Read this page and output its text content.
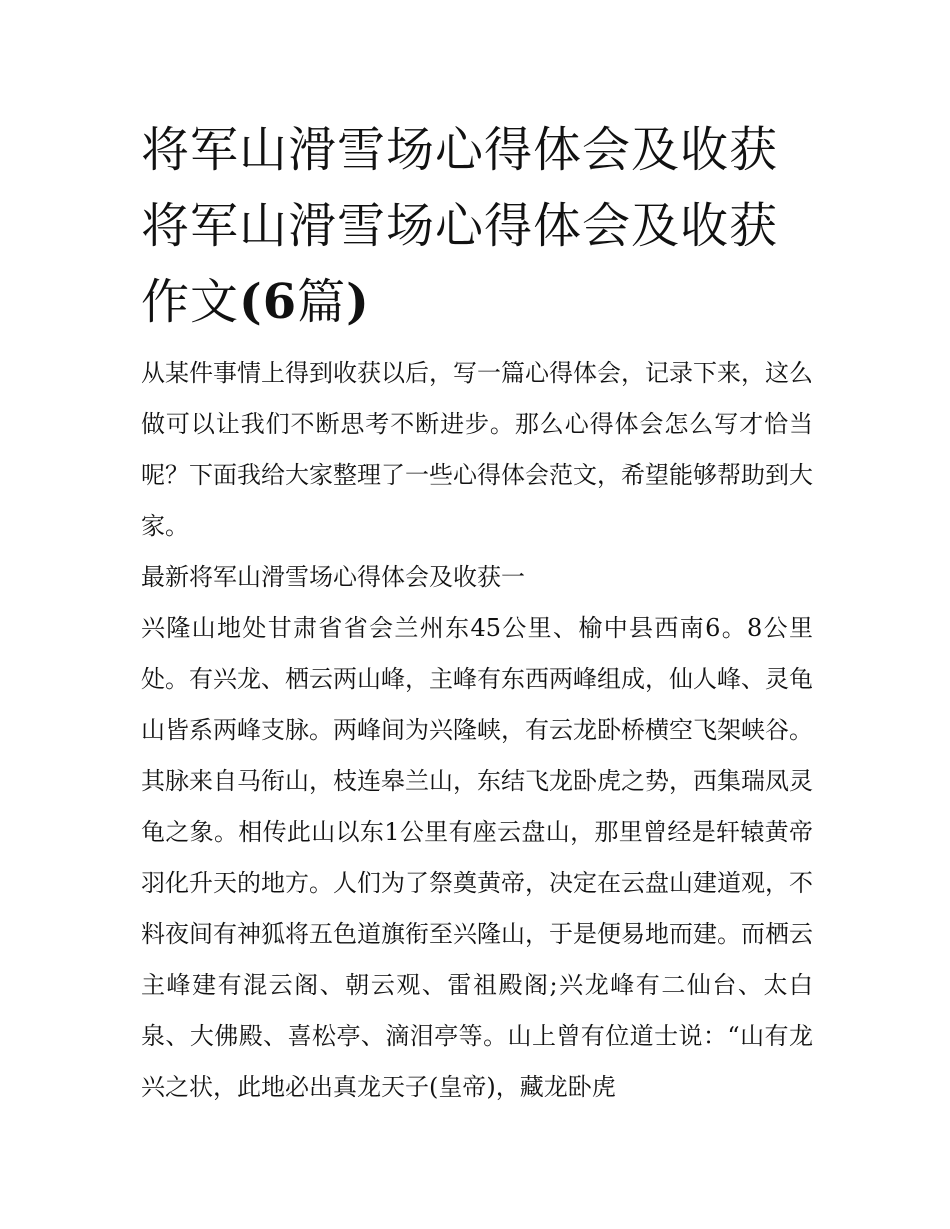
将军山滑雪场心得体会及收获
将军山滑雪场心得体会及收获
作文(6篇)

从某件事情上得到收获以后，写一篇心得体会，记录下来，这么做可以让我们不断思考不断进步。那么心得体会怎么写才恰当呢？下面我给大家整理了一些心得体会范文，希望能够帮助到大家。

最新将军山滑雪场心得体会及收获一

兴隆山地处甘肃省省会兰州东45公里、榆中县西南6。8公里处。有兴龙、栖云两山峰，主峰有东西两峰组成，仙人峰、灵龟山皆系两峰支脉。两峰间为兴隆峡，有云龙卧桥横空飞架峡谷。其脉来自马衔山，枝连皋兰山，东结飞龙卧虎之势，西集瑞凤灵龟之象。相传此山以东1公里有座云盘山，那里曾经是轩辕黄帝羽化升天的地方。人们为了祭奠黄帝，决定在云盘山建道观，不料夜间有神狐将五色道旗衔至兴隆山，于是便易地而建。而栖云主峰建有混云阁、朝云观、雷祖殿阁;兴龙峰有二仙台、太白泉、大佛殿、喜松亭、滴泪亭等。山上曾有位道士说：“山有龙兴之状，此地必出真龙天子(皇帝)，藏龙卧虎
